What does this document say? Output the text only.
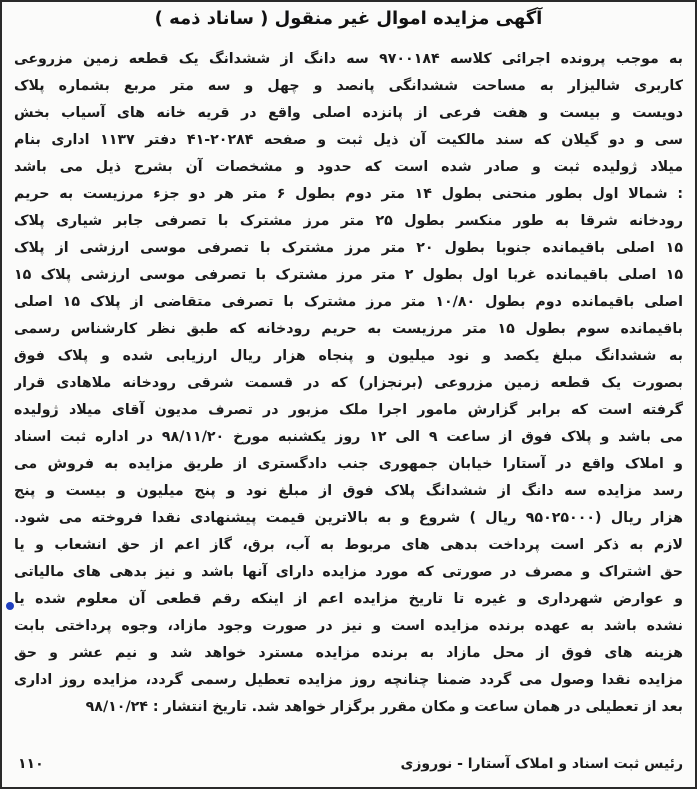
آگهی مزایده اموال غیر منقول ( ساناد ذمه )
به موجب پرونده اجرائی کلاسه ۹۷۰۰۱۸۴ سه دانگ از ششدانگ یک قطعه زمین مزروعی
کاربری شالیزار به مساحت ششدانگی پانصد و چهل و سه متر مربع بشماره پلاک
دویست و بیست و هفت فرعی از پانزده اصلی واقع در قریه خانه های آسیاب بخش
سی و دو گیلان که سند مالکیت آن ذیل ثبت و صفحه ۲۰۲۸۴-۴۱ دفتر ۱۱۳۷ اداری بنام
میلاد ژولیده ثبت و صادر شده است که حدود و مشخصات آن بشرح ذیل می باشد
: شمالا اول بطور منحنی بطول ۱۴ متر دوم بطول ۶ متر هر دو جزء مرزیست به حریم
رودخانه شرقا به طور منکسر بطول ۲۵ متر مرز مشترک با تصرفی جابر شیاری پلاک
۱۵ اصلی باقیمانده جنوبا بطول ۲۰ متر مرز مشترک با تصرفی موسی ارزشی از پلاک
۱۵ اصلی باقیمانده غربا اول بطول ۲ متر مرز مشترک با تصرفی موسی ارزشی پلاک ۱۵
اصلی باقیمانده دوم بطول ۱۰/۸۰ متر مرز مشترک با تصرفی متقاضی از پلاک ۱۵ اصلی
باقیمانده سوم بطول ۱۵ متر مرزیست به حریم رودخانه که طبق نظر کارشناس رسمی
به ششدانگ مبلغ یکصد و نود میلیون و پنجاه هزار ریال ارزیابی شده و پلاک فوق
بصورت یک قطعه زمین مزروعی (برنجزار) که در قسمت شرقی رودخانه ملاهادی قرار
گرفته است که برابر گزارش مامور اجرا ملک مزبور در تصرف مدیون آقای میلاد ژولیده
می باشد و پلاک فوق از ساعت ۹ الی ۱۲ روز یکشنبه مورخ ۹۸/۱۱/۲۰ در اداره ثبت اسناد
و املاک واقع در آستارا خیابان جمهوری جنب دادگستری از طریق مزایده به فروش می
رسد مزایده سه دانگ از ششدانگ پلاک فوق از مبلغ نود و پنج میلیون و بیست و پنج
هزار ریال (۹۵۰۲۵۰۰۰ ریال ) شروع و به بالاترین قیمت پیشنهادی نقدا فروخته می شود.
لازم به ذکر است پرداخت بدهی های مربوط به آب، برق، گاز اعم از حق انشعاب و یا
حق اشتراک و مصرف در صورتی که مورد مزایده دارای آنها باشد و نیز بدهی های مالیاتی
و عوارض شهرداری و غیره تا تاریخ مزایده اعم از اینکه رقم قطعی آن معلوم شده یا
نشده باشد به عهده برنده مزایده است و نیز در صورت وجود مازاد، وجوه پرداختی بابت
هزینه های فوق از محل مازاد به برنده مزایده مسترد خواهد شد و نیم عشر و حق
مزایده نقدا وصول می گردد ضمنا چنانچه روز مزایده تعطیل رسمی گردد، مزایده روز اداری
بعد از تعطیلی در همان ساعت و مکان مقرر برگزار خواهد شد. تاریخ انتشار : ۹۸/۱۰/۲۴
رئیس ثبت اسناد و املاک آستارا - نوروزی
۱۱۰
